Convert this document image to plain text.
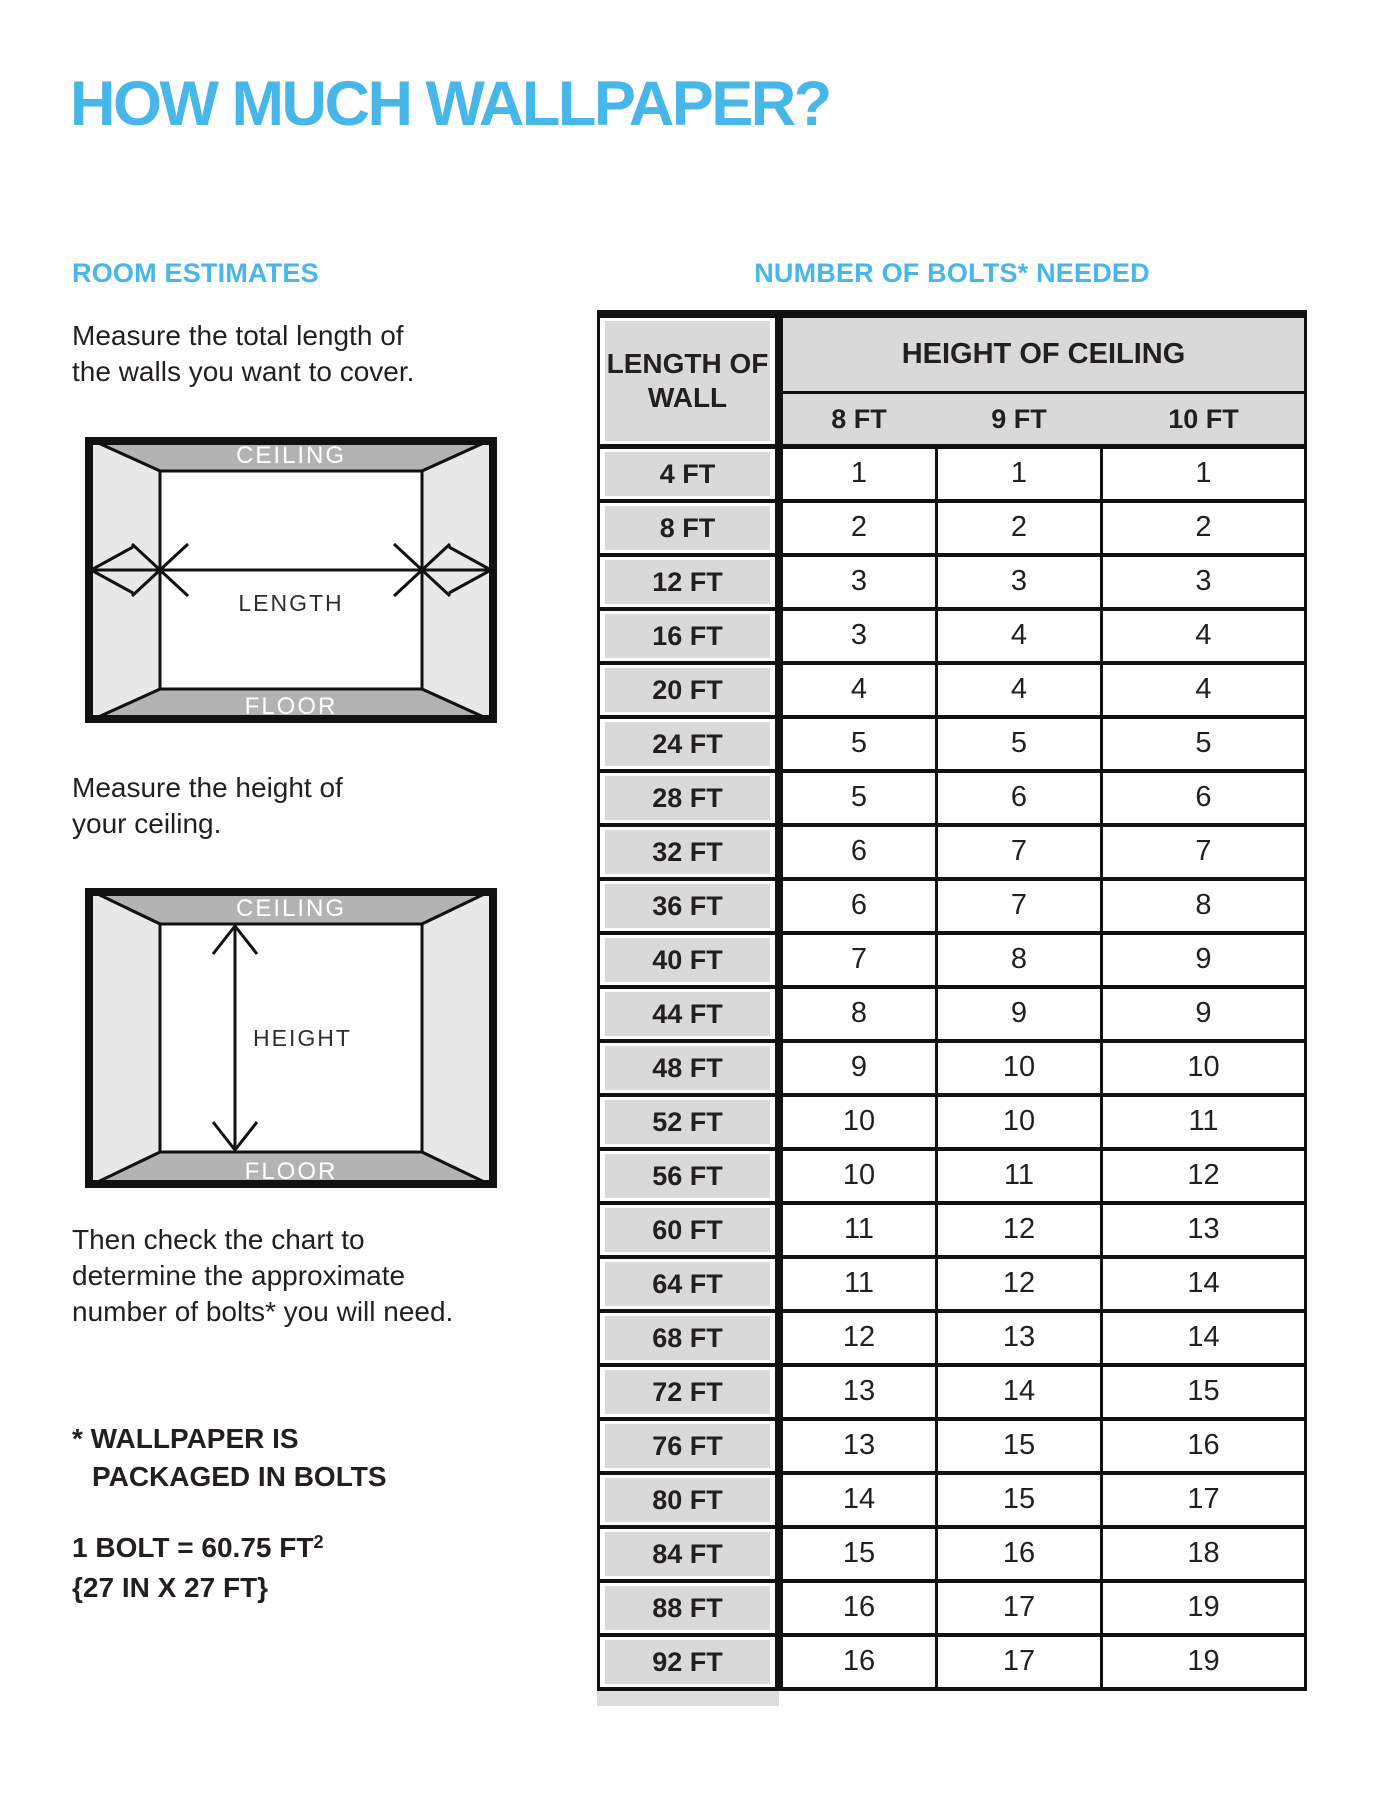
HOW MUCH WALLPAPER?
ROOM ESTIMATES	NUMBER OF BOLTS* NEEDED
Measure the total length of
the walls you want to cover.
CEILING
FLOOR
LENGTH
Measure the height of
your ceiling.
CEILING
FLOOR
HEIGHT
Then check the chart to
determine the approximate
number of bolts* you will need.
* WALLPAPER IS
PACKAGED IN BOLTS
1 BOLT = 60.75 $FT^2$
{27 IN X 27 FT}
LENGTH OF WALL
HEIGHT OF CEILING
8 FT	9 FT	10 FT
4 FT	1	1	1
8 FT	2	2	2
12 FT	3	3	3
16 FT	3	4	4
20 FT	4	4	4
24 FT	5	5	5
28 FT	5	6	6
32 FT	6	7	7
36 FT	6	7	8
40 FT	7	8	9
44 FT	8	9	9
48 FT	9	10	10
52 FT	10	10	11
56 FT	10	11	12
60 FT	11	12	13
64 FT	11	12	14
68 FT	12	13	14
72 FT	13	14	15
76 FT	13	15	16
80 FT	14	15	17
84 FT	15	16	18
88 FT	16	17	19
92 FT	16	17	19
